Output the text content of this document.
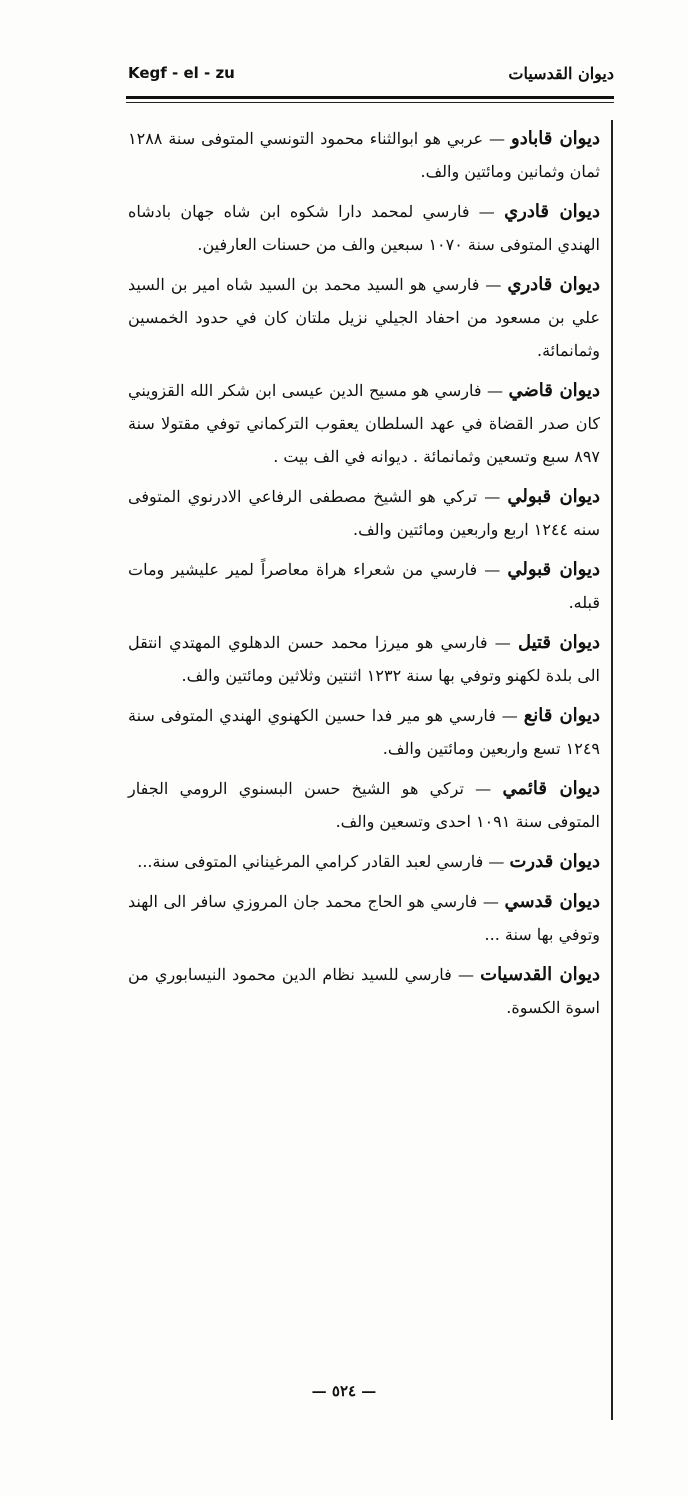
Kegf - el - zu	ديوان القدسيات

ديوان قابادو — عربي هو ابوالثناء محمود التونسي المتوفى سنة ١٢٨٨ ثمان وثمانين ومائتين والف.

ديوان قادري — فارسي لمحمد دارا شكوه ابن شاه جهان بادشاه الهندي المتوفى سنة ١٠٧٠ سبعين والف من حسنات العارفين.

ديوان قادري — فارسي هو السيد محمد بن السيد شاه امير بن السيد علي بن مسعود من احفاد الجيلي نزيل ملتان كان في حدود الخمسين وثمانمائة.

ديوان قاضي — فارسي هو مسيح الدين عيسى ابن شكر الله القزويني كان صدر القضاة في عهد السلطان يعقوب التركماني توفي مقتولا سنة ٨٩٧ سبع وتسعين وثمانمائة . ديوانه في الف بيت .

ديوان قبولي — تركي هو الشيخ مصطفى الرفاعي الادرنوي المتوفى سنه ١٢٤٤ اربع واربعين ومائتين والف.

ديوان قبولي — فارسي من شعراء هراة معاصراً لمير عليشير ومات قبله.

ديوان قتيل — فارسي هو ميرزا محمد حسن الدهلوي المهتدي انتقل الى بلدة لكهنو وتوفي بها سنة ١٢٣٢ اثنتين وثلاثين ومائتين والف.

ديوان قانع — فارسي هو مير فدا حسين الكهنوي الهندي المتوفى سنة ١٢٤٩ تسع واربعين ومائتين والف.

ديوان قائمي — تركي هو الشيخ حسن البسنوي الرومي الجفار المتوفى سنة ١٠٩١ احدى وتسعين والف.

ديوان قدرت — فارسي لعبد القادر كرامي المرغيناني المتوفى سنة...

ديوان قدسي — فارسي هو الحاج محمد جان المروزي سافر الى الهند وتوفي بها سنة ...

ديوان القدسيات — فارسي للسيد نظام الدين محمود النيسابوري من اسوة الكسوة.

— ٥٢٤ —
